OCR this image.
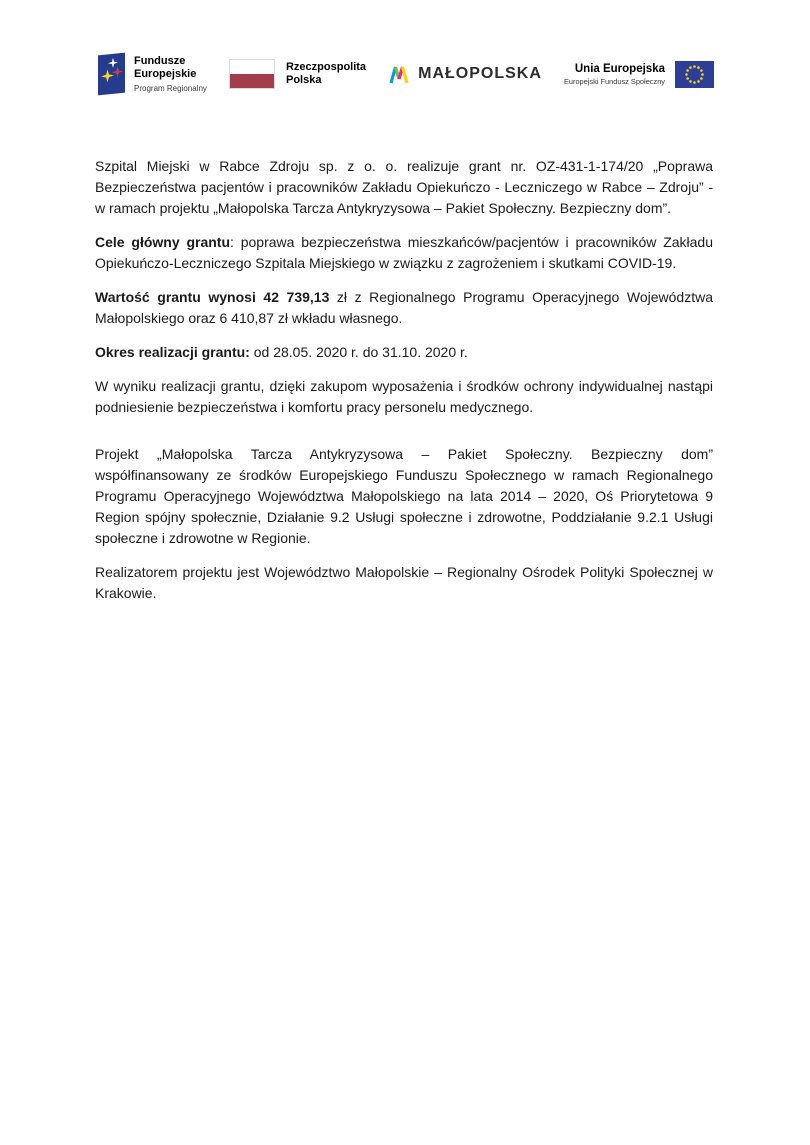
Fundusze
Europejskie
Program Regionalny
Rzeczpospolita
Polska	MAŁOPOLSKA	Unia Europejska
Europejski Fundusz Społeczny

Szpital Miejski w Rabce Zdroju sp. z o. o. realizuje grant nr. OZ-431-1-174/20 „Poprawa Bezpieczeństwa pacjentów i pracowników Zakładu Opiekuńczo - Leczniczego w Rabce – Zdroju” - w ramach projektu „Małopolska Tarcza Antykryzysowa – Pakiet Społeczny. Bezpieczny dom”.

Cele główny grantu: poprawa bezpieczeństwa mieszkańców/pacjentów i pracowników Zakładu Opiekuńczo-Leczniczego Szpitala Miejskiego w związku z zagrożeniem i skutkami COVID-19.

Wartość grantu wynosi 42 739,13 zł z Regionalnego Programu Operacyjnego Województwa Małopolskiego oraz 6 410,87 zł wkładu własnego.

Okres realizacji grantu: od 28.05. 2020 r. do 31.10. 2020 r.

W wyniku realizacji grantu, dzięki zakupom wyposażenia i środków ochrony indywidualnej nastąpi podniesienie bezpieczeństwa i komfortu pracy personelu medycznego.

Projekt „Małopolska Tarcza Antykryzysowa – Pakiet Społeczny. Bezpieczny dom” współfinansowany ze środków Europejskiego Funduszu Społecznego w ramach Regionalnego Programu Operacyjnego Województwa Małopolskiego na lata 2014 – 2020, Oś Priorytetowa 9 Region spójny społecznie, Działanie 9.2 Usługi społeczne i zdrowotne, Poddziałanie 9.2.1 Usługi społeczne i zdrowotne w Regionie.

Realizatorem projektu jest Województwo Małopolskie – Regionalny Ośrodek Polityki Społecznej w Krakowie.
